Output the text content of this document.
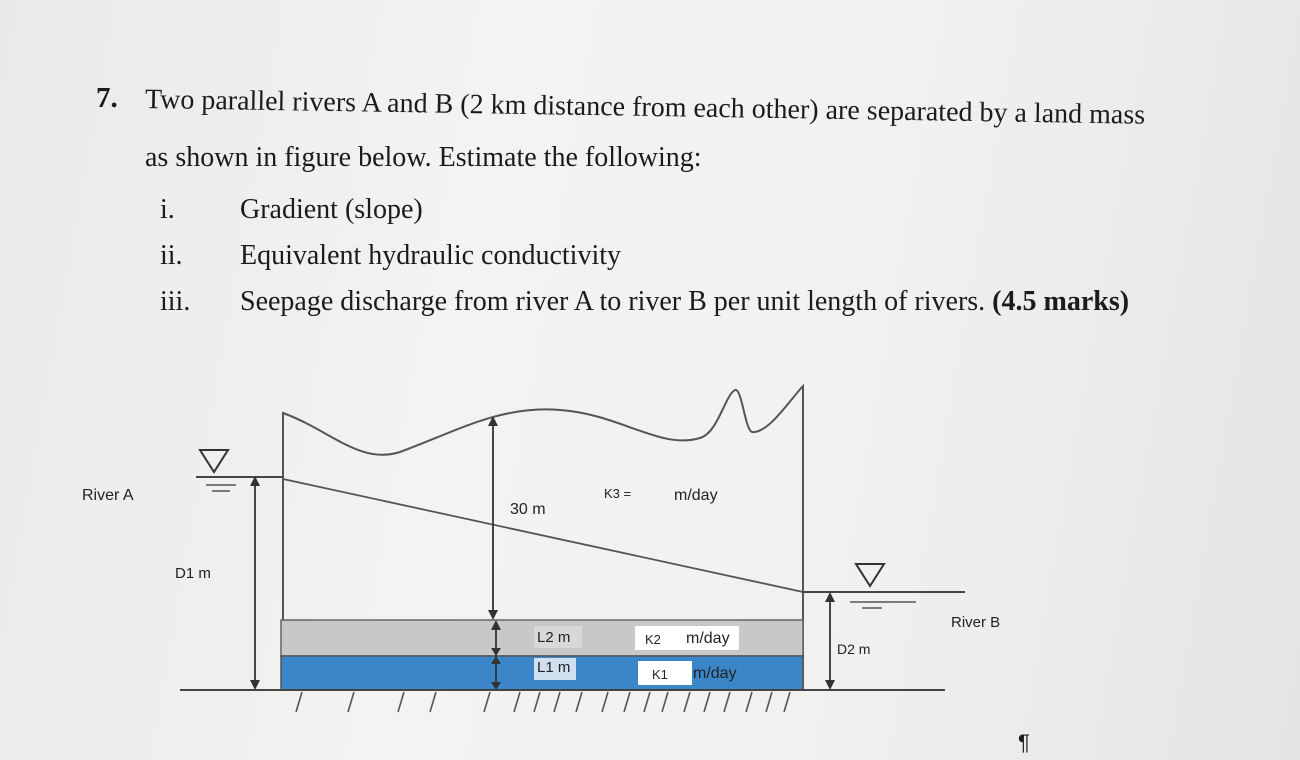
7. Two parallel rivers A and B (2 km distance from each other) are separated by a land mass
as shown in figure below. Estimate the following:
i.	Gradient (slope)
ii.	Equivalent hydraulic conductivity
iii.	Seepage discharge from river A to river B per unit length of rivers. (4.5 marks)
River A
River B
D1 m
D2 m
30 m
K3 =	m/day
L2 m
L1 m
K2 m/day
K1 m/day
¶
